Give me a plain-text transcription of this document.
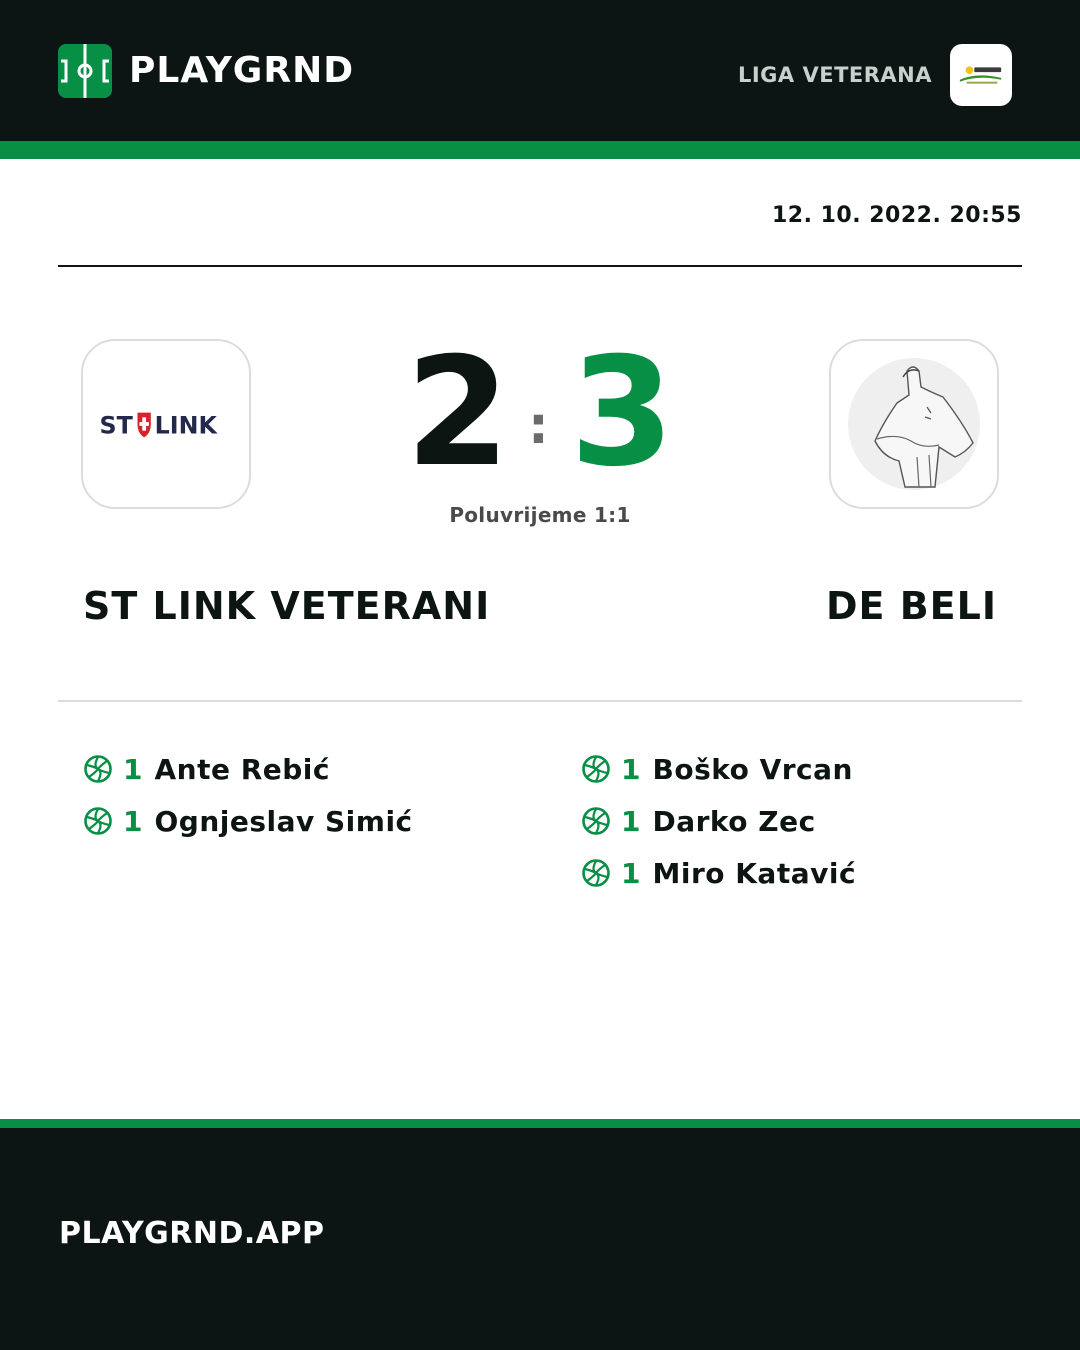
PLAYGRND	LIGA VETERANA
12. 10. 2022. 20:55
ST LINK 2 : 3
Poluvrijeme 1:1
ST LINK VETERANI	DE BELI
1 Ante Rebić
1 Ognjeslav Simić
1 Boško Vrcan
1 Darko Zec
1 Miro Katavić
PLAYGRND.APP
